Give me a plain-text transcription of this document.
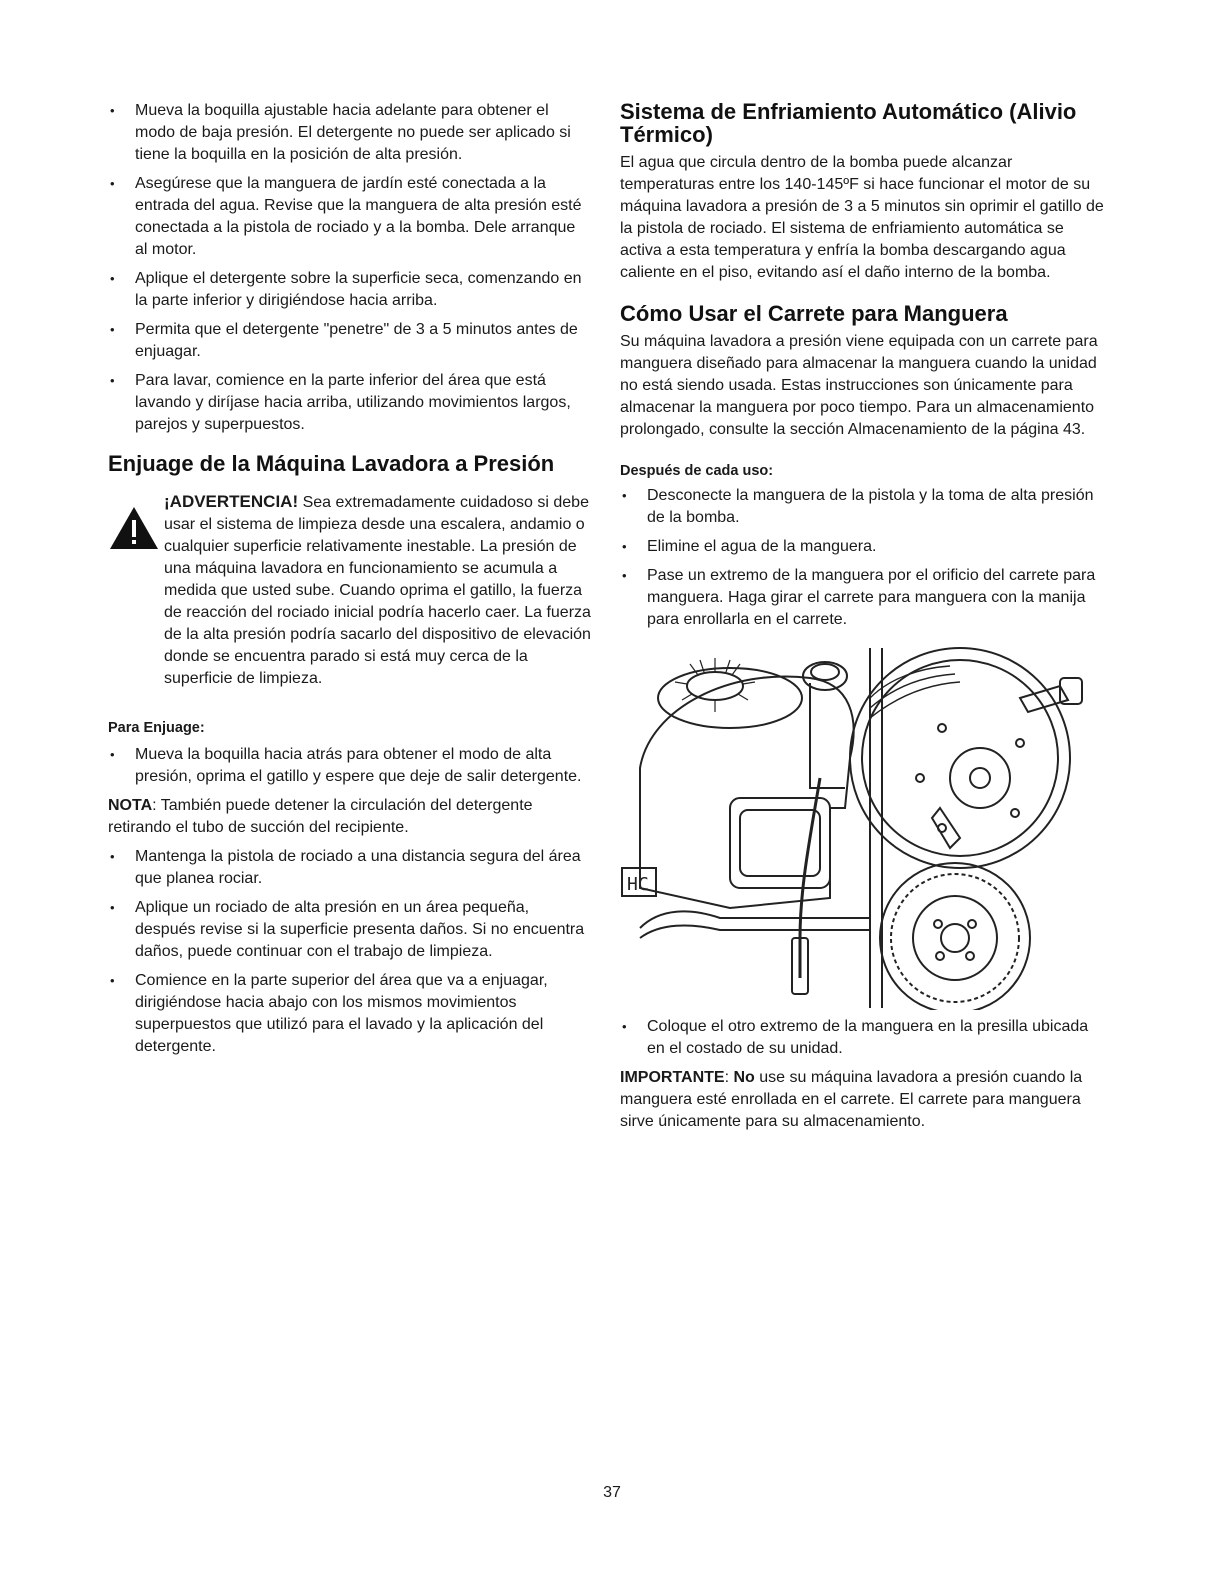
• Mueva la boquilla ajustable hacia adelante para obtener el modo de baja presión. El detergente no puede ser aplicado si tiene la boquilla en la posición de alta presión.
• Asegúrese que la manguera de jardín esté conectada a la entrada del agua. Revise que la manguera de alta presión esté conectada a la pistola de rociado y a la bomba. Dele arranque al motor.
• Aplique el detergente sobre la superficie seca, comenzando en la parte inferior y dirigiéndose hacia arriba.
• Permita que el detergente "penetre" de 3 a 5 minutos antes de enjuagar.
• Para lavar, comience en la parte inferior del área que está lavando y diríjase hacia arriba, utilizando movimientos largos, parejos y superpuestos.
Enjuage de la Máquina Lavadora a Presión

¡ADVERTENCIA! Sea extremadamente cuidadoso si debe usar el sistema de limpieza desde una escalera, andamio o cualquier superficie relativamente inestable. La presión de una máquina lavadora en funcionamiento se acumula a medida que usted sube. Cuando oprima el gatillo, la fuerza de reacción del rociado inicial podría hacerlo caer. La fuerza de la alta presión podría sacarlo del dispositivo de elevación donde se encuentra parado si está muy cerca de la superficie de limpieza.

Para Enjuage:
• Mueva la boquilla hacia atrás para obtener el modo de alta presión, oprima el gatillo y espere que deje de salir detergente.

NOTA: También puede detener la circulación del detergente retirando el tubo de succión del recipiente.

• Mantenga la pistola de rociado a una distancia segura del área que planea rociar.
• Aplique un rociado de alta presión en un área pequeña, después revise si la superficie presenta daños. Si no encuentra daños, puede continuar con el trabajo de limpieza.
• Comience en la parte superior del área que va a enjuagar, dirigiéndose hacia abajo con los mismos movimientos superpuestos que utilizó para el lavado y la aplicación del detergente.
Sistema de Enfriamiento Automático (Alivio Térmico)

El agua que circula dentro de la bomba puede alcanzar temperaturas entre los 140-145ºF si hace funcionar el motor de su máquina lavadora a presión de 3 a 5 minutos sin oprimir el gatillo de la pistola de rociado. El sistema de enfriamiento automática se activa a esta temperatura y enfría la bomba descargando agua caliente en el piso, evitando así el daño interno de la bomba.

Cómo Usar el Carrete para Manguera

Su máquina lavadora a presión viene equipada con un carrete para manguera diseñado para almacenar la manguera cuando la unidad no está siendo usada. Estas instrucciones son únicamente para almacenar la manguera por poco tiempo. Para un almacenamiento prolongado, consulte la sección Almacenamiento de la página 43.

Después de cada uso:
• Desconecte la manguera de la pistola y la toma de alta presión de la bomba.
• Elimine el agua de la manguera.
• Pase un extremo de la manguera por el orificio del carrete para manguera. Haga girar el carrete para manguera con la manija para enrollarla en el carrete.
HC
• Coloque el otro extremo de la manguera en la presilla ubicada en el costado de su unidad.

IMPORTANTE: No use su máquina lavadora a presión cuando la manguera esté enrollada en el carrete. El carrete para manguera sirve únicamente para su almacenamiento.

37
